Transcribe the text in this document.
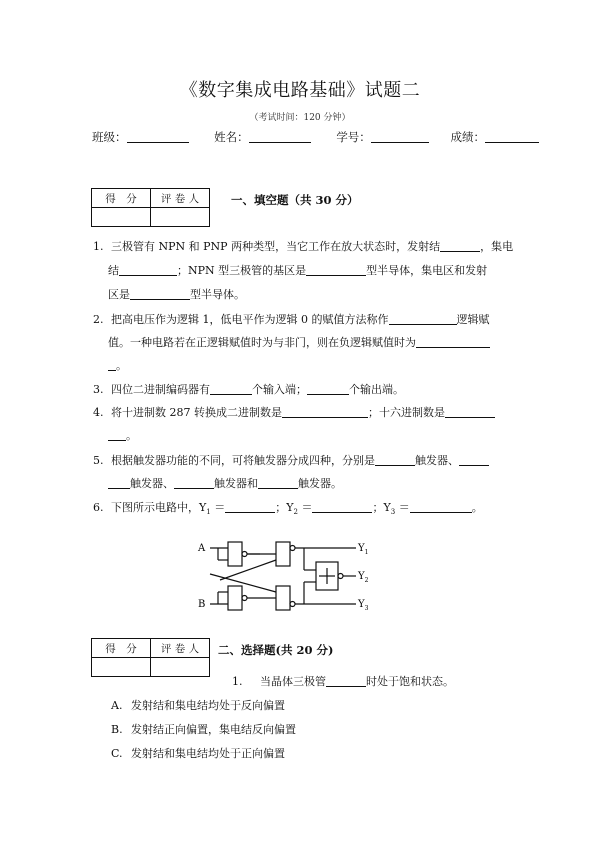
《数字集成电路基础》试题二
（考试时间：120 分钟）
班级：	姓名：	学号：	成绩：
得　分	评 卷 人
		一、填空题（共 30 分）
1. 三极管有 NPN 和 PNP 两种类型，当它工作在放大状态时，发射结	，集电
结	；NPN 型三极管的基区是	型半导体，集电区和发射
区是	型半导体。
2. 把高电压作为逻辑 1，低电平作为逻辑 0 的赋值方法称作	逻辑赋
值。一种电路若在正逻辑赋值时为与非门，则在负逻辑赋值时为
。
3. 四位二进制编码器有	个输入端；	个输出端。
4. 将十进制数 287 转换成二进制数是	；十六进制数是
。
5. 根据触发器功能的不同，可将触发器分成四种，分别是	触发器、
触发器、	触发器和	触发器。
6. 下图所示电路中，$Y_1$ ＝	；$Y_2$ ＝	；$Y_3$ ＝	。
A
B
$Y_1$
$Y_2$
$Y_3$
得　分	评 卷 人
	二、选择题(共 20 分)
1. 当晶体三极管	时处于饱和状态。
A. 发射结和集电结均处于反向偏置
B. 发射结正向偏置，集电结反向偏置
C. 发射结和集电结均处于正向偏置
